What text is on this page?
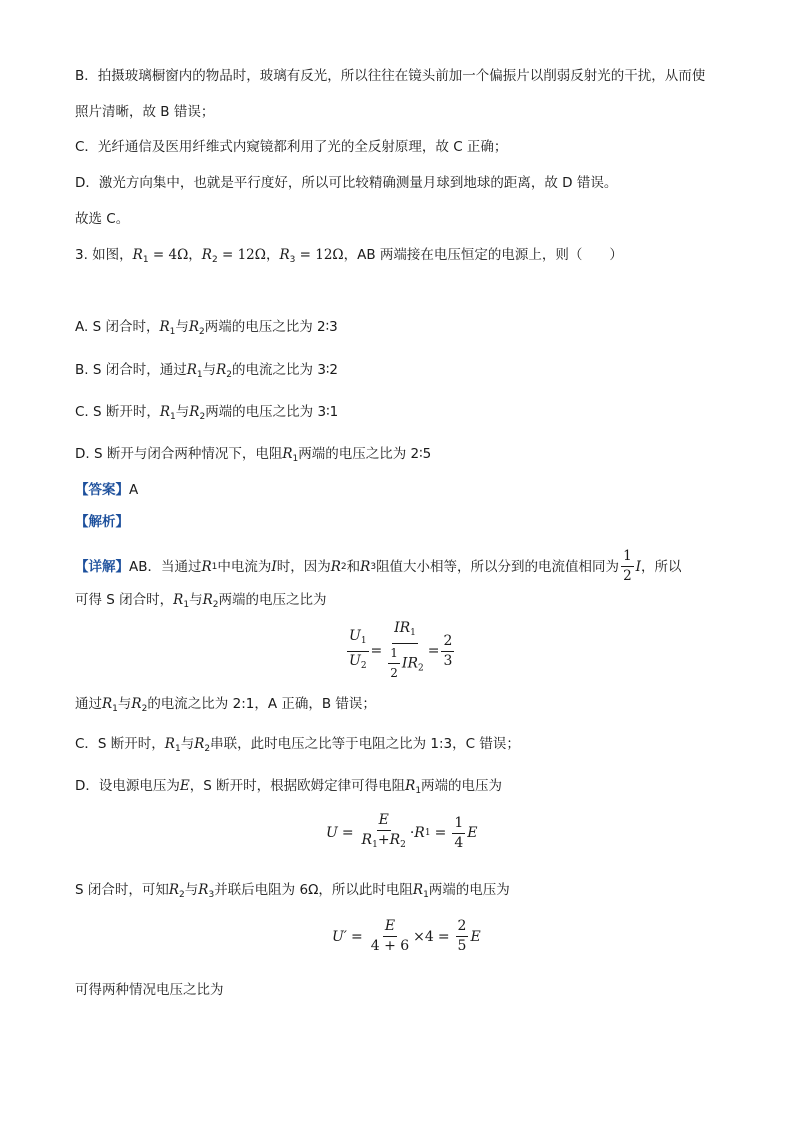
B．拍摄玻璃橱窗内的物品时，玻璃有反光，所以往往在镜头前加一个偏振片以削弱反射光的干扰，从而使
照片清晰，故 B 错误；
C．光纤通信及医用纤维式内窥镜都利用了光的全反射原理，故 C 正确；
D．激光方向集中，也就是平行度好，所以可比较精确测量月球到地球的距离，故 D 错误。
故选 C。
3. 如图，$R_1 = 4\Omega$，$R_2 = 12\Omega$，$R_3 = 12\Omega$，AB 两端接在电压恒定的电源上，则（　　）
A. S 闭合时，$R_1$与$R_2$两端的电压之比为 2∶3
B. S 闭合时，通过$R_1$与$R_2$的电流之比为 3∶2
C. S 断开时，$R_1$与$R_2$两端的电压之比为 3∶1
D. S 断开与闭合两种情况下，电阻$R_1$两端的电压之比为 2∶5
【答案】A
【解析】
【详解】 AB．当通过 R 1 中电流为 I 时，因为 R 2 和 R 3 阻值大小相等，所以分到的电流值相同为 $\frac{1}{2}$ I ，所以
可得 S 闭合时，$R_1$与$R_2$两端的电压之比为
$\frac{U_1}{U_2} = \frac{IR_1}{\frac{1}{2} IR_2} = \frac{2}{3}$
通过$R_1$与$R_2$的电流之比为 2:1，A 正确，B 错误；
C．S 断开时，$R_1$与$R_2$串联，此时电压之比等于电阻之比为 1:3，C 错误；
D．设电源电压为E，S 断开时，根据欧姆定律可得电阻$R_1$两端的电压为
$U = \frac{E}{R_1+R_2} \cdot R$ $1 = \frac{1}{4}$ E
S 闭合时，可知$R_2$与$R_3$并联后电阻为 6Ω，所以此时电阻$R_1$两端的电压为
$U' = \frac{E}{4 + 6} \times 4 = \frac{2}{5}$ E
可得两种情况电压之比为
